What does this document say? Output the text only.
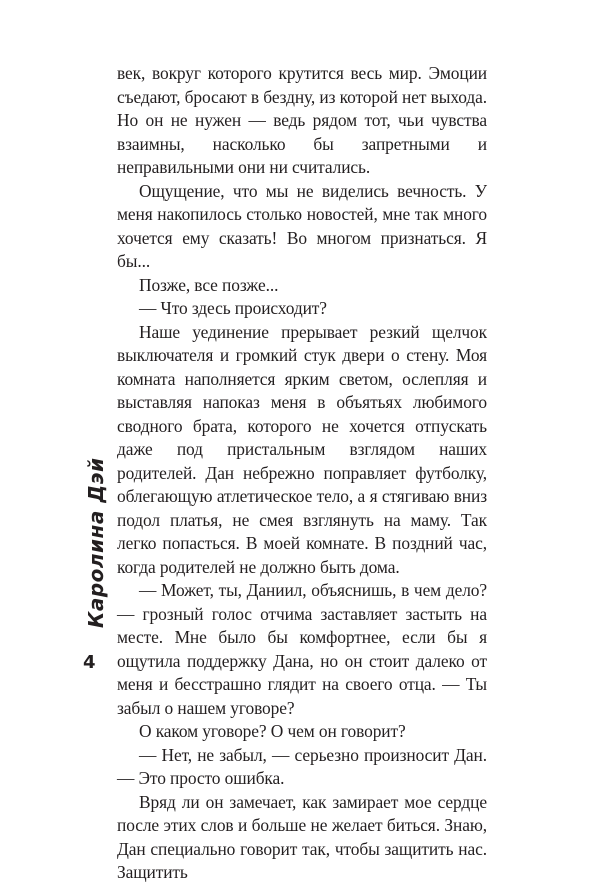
век, вокруг которого крутится весь мир. Эмоции съедают, бросают в бездну, из которой нет выхода. Но он не нужен — ведь рядом тот, чьи чувства взаимны, насколько бы запретными и неправильными они ни считались.

Ощущение, что мы не виделись вечность. У меня накопилось столько новостей, мне так много хочется ему сказать! Во многом признаться. Я бы...

Позже, все позже...

— Что здесь происходит?

Наше уединение прерывает резкий щелчок выключателя и громкий стук двери о стену. Моя комната наполняется ярким светом, ослепляя и выставляя напоказ меня в объятьях любимого сводного брата, которого не хочется отпускать даже под пристальным взглядом наших родителей. Дан небрежно поправляет футболку, облегающую атлетическое тело, а я стягиваю вниз подол платья, не смея взглянуть на маму. Так легко попасться. В моей комнате. В поздний час, когда родителей не должно быть дома.

— Может, ты, Даниил, объяснишь, в чем дело? — грозный голос отчима заставляет застыть на месте. Мне было бы комфортнее, если бы я ощутила поддержку Дана, но он стоит далеко от меня и бесстрашно глядит на своего отца. — Ты забыл о нашем уговоре?

О каком уговоре? О чем он говорит?

— Нет, не забыл, — серьезно произносит Дан. — Это просто ошибка.

Вряд ли он замечает, как замирает мое сердце после этих слов и больше не желает биться. Знаю, Дан специально говорит так, чтобы защитить нас. Защитить

Каролина Дэй
4
